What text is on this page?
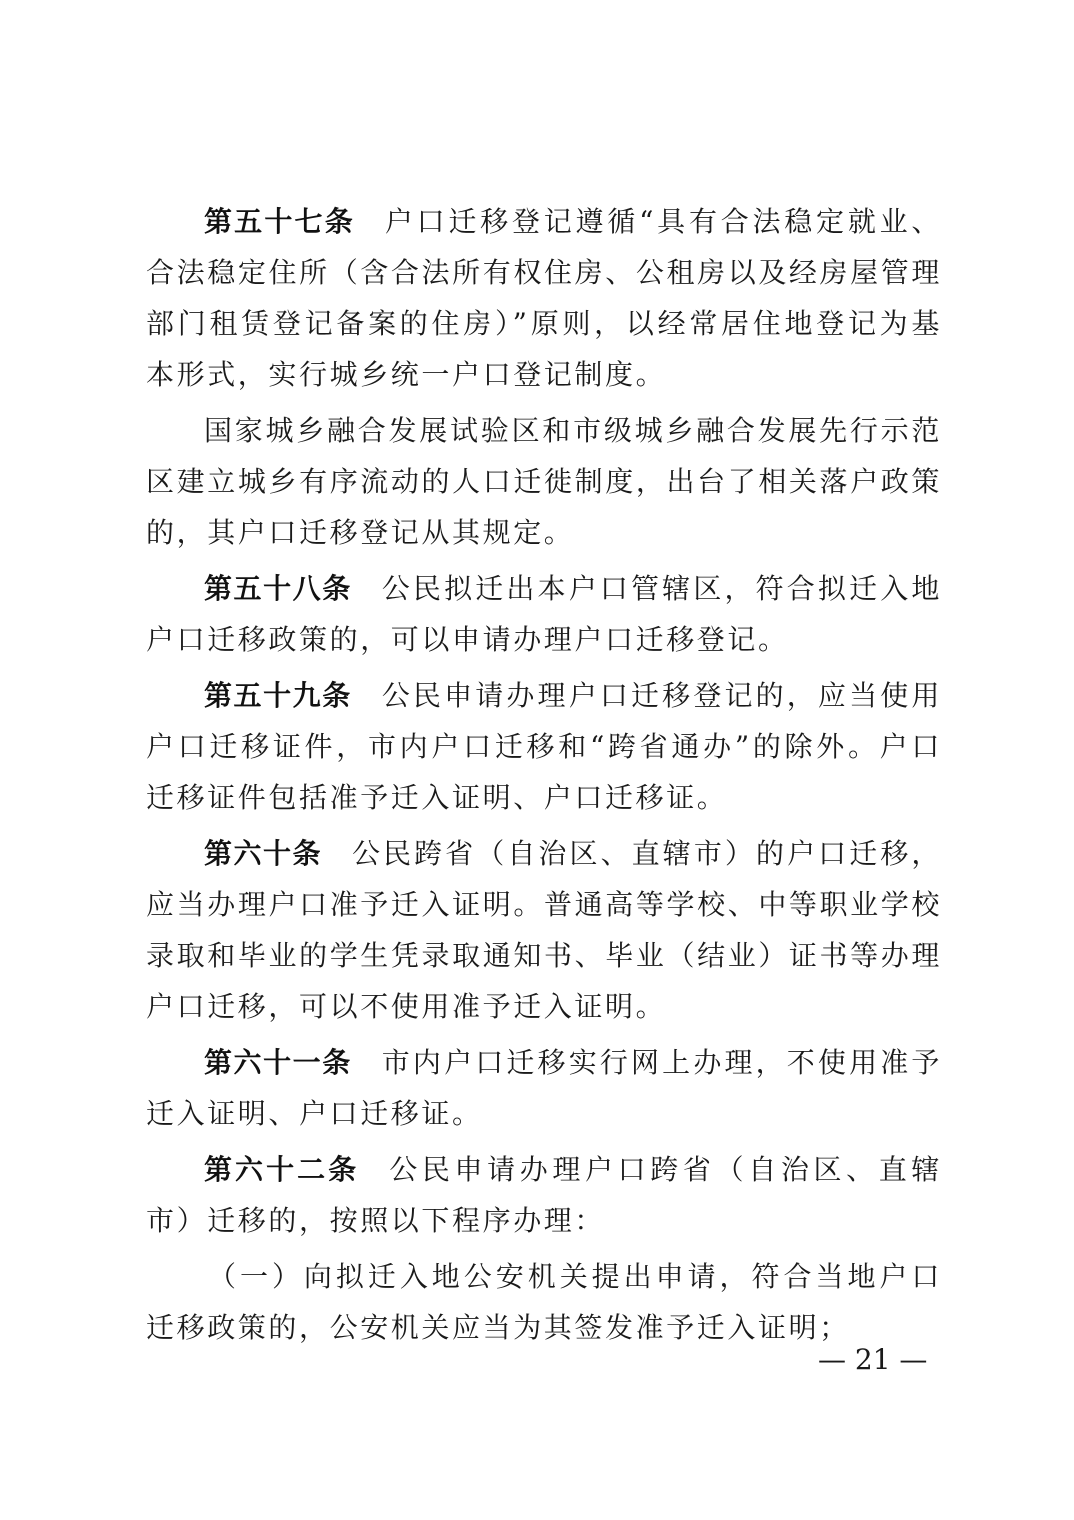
第五十七条 户口迁移登记遵循“具有合法稳定就业、合法稳定住所（含合法所有权住房、公租房以及经房屋管理部门租赁登记备案的住房）”原则，以经常居住地登记为基本形式，实行城乡统一户口登记制度。

国家城乡融合发展试验区和市级城乡融合发展先行示范区建立城乡有序流动的人口迁徙制度，出台了相关落户政策的，其户口迁移登记从其规定。

第五十八条 公民拟迁出本户口管辖区，符合拟迁入地户口迁移政策的，可以申请办理户口迁移登记。

第五十九条 公民申请办理户口迁移登记的，应当使用户口迁移证件，市内户口迁移和“跨省通办”的除外。户口迁移证件包括准予迁入证明、户口迁移证。

第六十条 公民跨省（自治区、直辖市）的户口迁移，应当办理户口准予迁入证明。普通高等学校、中等职业学校录取和毕业的学生凭录取通知书、毕业（结业）证书等办理户口迁移，可以不使用准予迁入证明。

第六十一条 市内户口迁移实行网上办理，不使用准予迁入证明、户口迁移证。

第六十二条 公民申请办理户口跨省（自治区、直辖市）迁移的，按照以下程序办理：

（一）向拟迁入地公安机关提出申请，符合当地户口迁移政策的，公安机关应当为其签发准予迁入证明；

— 21 —
